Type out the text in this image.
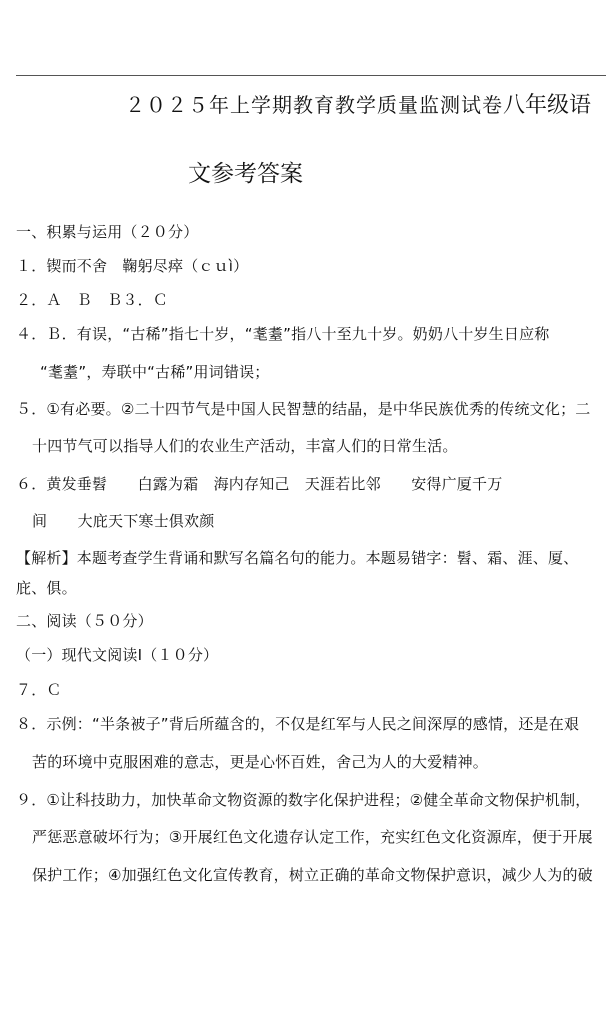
２０２５年上学期教育教学质量监测试卷八年级语
文参考答案
一、积累与运用（２０分）
１．锲而不舍　鞠躬尽瘁（ｃｕì）
２．Ａ　Ｂ　Ｂ３．Ｃ
４．Ｂ．有误，“古稀”指七十岁，“耄耋”指八十至九十岁。奶奶八十岁生日应称
“耄耋”，寿联中“古稀”用词错误；
５．①有必要。②二十四节气是中国人民智慧的结晶，是中华民族优秀的传统文化；二
十四节气可以指导人们的农业生产活动，丰富人们的日常生活。
６．黄发垂髫　　白露为霜　海内存知己　天涯若比邻　　安得广厦千万
间　　大庇天下寒士俱欢颜
【解析】本题考查学生背诵和默写名篇名句的能力。本题易错字：髫、霜、涯、厦、
庇、俱。
二、阅读（５０分）
（一）现代文阅读Ⅰ（１０分）
７．Ｃ
８．示例：“半条被子”背后所蕴含的，不仅是红军与人民之间深厚的感情，还是在艰
苦的环境中克服困难的意志，更是心怀百姓，舍己为人的大爱精神。
９．①让科技助力，加快革命文物资源的数字化保护进程；②健全革命文物保护机制，
严惩恶意破坏行为；③开展红色文化遗存认定工作，充实红色文化资源库，便于开展
保护工作；④加强红色文化宣传教育，树立正确的革命文物保护意识，减少人为的破
